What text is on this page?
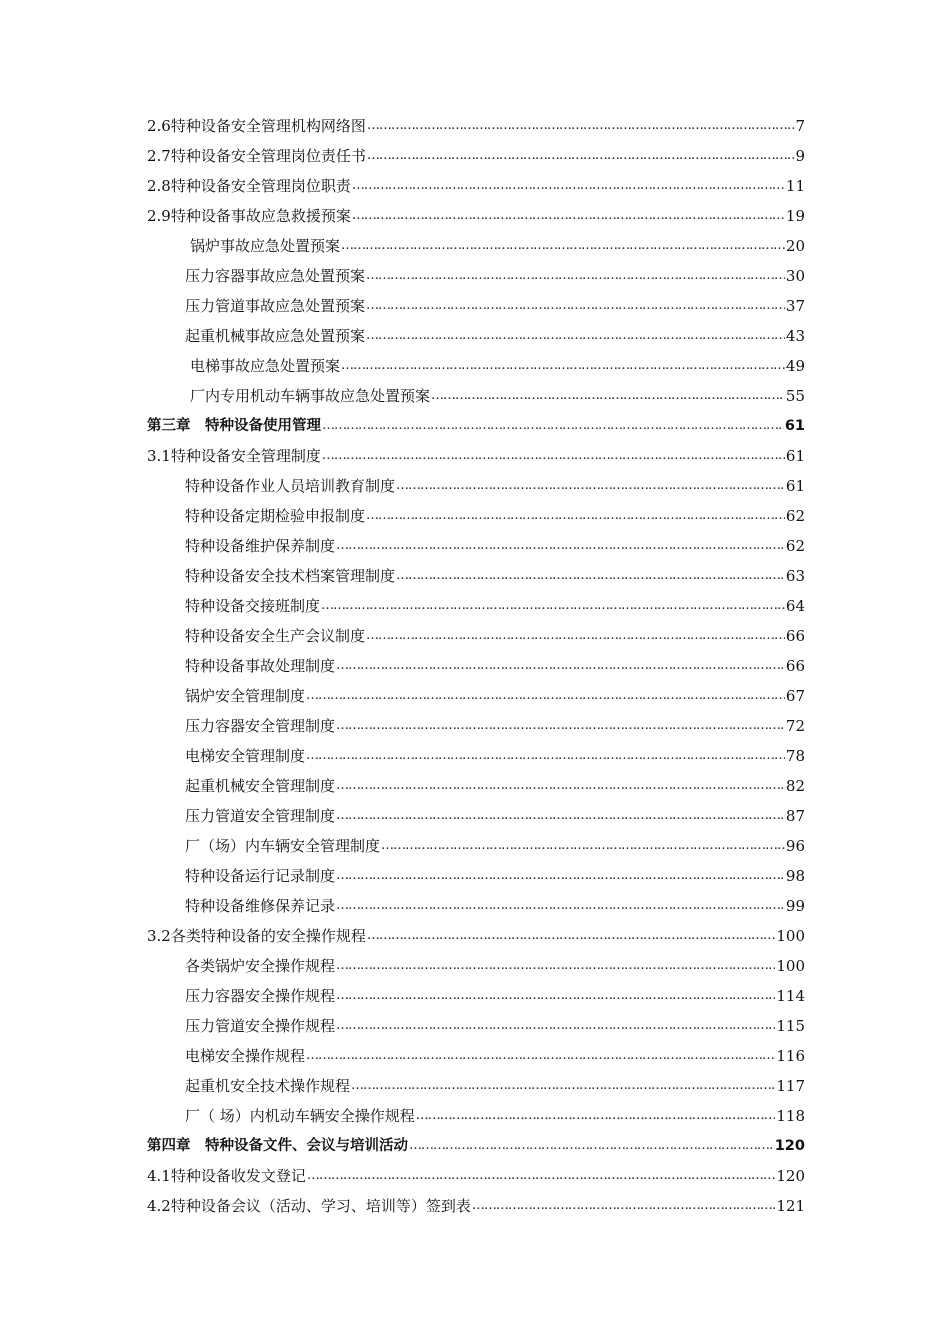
2.6特种设备安全管理机构网络图 …………………………………………………………………………………………………………………………………………………………………………………………………………………………………………	7
2.7特种设备安全管理岗位责任书 …………………………………………………………………………………………………………………………………………………………………………………………………………………………………………	9
2.8特种设备安全管理岗位职责 …………………………………………………………………………………………………………………………………………………………………………………………………………………………………………	11
2.9特种设备事故应急救援预案 …………………………………………………………………………………………………………………………………………………………………………………………………………………………………………	19
锅炉事故应急处置预案 …………………………………………………………………………………………………………………………………………………………………………………………………………………………………………	20
压力容器事故应急处置预案 …………………………………………………………………………………………………………………………………………………………………………………………………………………………………………	30
压力管道事故应急处置预案 …………………………………………………………………………………………………………………………………………………………………………………………………………………………………………	37
起重机械事故应急处置预案 …………………………………………………………………………………………………………………………………………………………………………………………………………………………………………	43
电梯事故应急处置预案 …………………………………………………………………………………………………………………………………………………………………………………………………………………………………………	49
厂内专用机动车辆事故应急处置预案 …………………………………………………………………………………………………………………………………………………………………………………………………………………………………………	55
第三章　特种设备使用管理 …………………………………………………………………………………………………………………………………………………………………………………………………………………………………………	61
3.1特种设备安全管理制度 …………………………………………………………………………………………………………………………………………………………………………………………………………………………………………	61
特种设备作业人员培训教育制度 …………………………………………………………………………………………………………………………………………………………………………………………………………………………………………	61
特种设备定期检验申报制度 …………………………………………………………………………………………………………………………………………………………………………………………………………………………………………	62
特种设备维护保养制度 …………………………………………………………………………………………………………………………………………………………………………………………………………………………………………	62
特种设备安全技术档案管理制度 …………………………………………………………………………………………………………………………………………………………………………………………………………………………………………	63
特种设备交接班制度 …………………………………………………………………………………………………………………………………………………………………………………………………………………………………………	64
特种设备安全生产会议制度 …………………………………………………………………………………………………………………………………………………………………………………………………………………………………………	66
特种设备事故处理制度 …………………………………………………………………………………………………………………………………………………………………………………………………………………………………………	66
锅炉安全管理制度 …………………………………………………………………………………………………………………………………………………………………………………………………………………………………………	67
压力容器安全管理制度 …………………………………………………………………………………………………………………………………………………………………………………………………………………………………………	72
电梯安全管理制度 …………………………………………………………………………………………………………………………………………………………………………………………………………………………………………	78
起重机械安全管理制度 …………………………………………………………………………………………………………………………………………………………………………………………………………………………………………	82
压力管道安全管理制度 …………………………………………………………………………………………………………………………………………………………………………………………………………………………………………	87
厂（场）内车辆安全管理制度 …………………………………………………………………………………………………………………………………………………………………………………………………………………………………………	96
特种设备运行记录制度 …………………………………………………………………………………………………………………………………………………………………………………………………………………………………………	98
特种设备维修保养记录 …………………………………………………………………………………………………………………………………………………………………………………………………………………………………………	99
3.2各类特种设备的安全操作规程 …………………………………………………………………………………………………………………………………………………………………………………………………………………………………………	100
各类锅炉安全操作规程 …………………………………………………………………………………………………………………………………………………………………………………………………………………………………………	100
压力容器安全操作规程 …………………………………………………………………………………………………………………………………………………………………………………………………………………………………………	114
压力管道安全操作规程 …………………………………………………………………………………………………………………………………………………………………………………………………………………………………………	115
电梯安全操作规程 …………………………………………………………………………………………………………………………………………………………………………………………………………………………………………	116
起重机安全技术操作规程 …………………………………………………………………………………………………………………………………………………………………………………………………………………………………………	117
厂（ 场）内机动车辆安全操作规程 …………………………………………………………………………………………………………………………………………………………………………………………………………………………………………	118
第四章　特种设备文件、会议与培训活动 …………………………………………………………………………………………………………………………………………………………………………………………………………………………………………	120
4.1特种设备收发文登记 …………………………………………………………………………………………………………………………………………………………………………………………………………………………………………	120
4.2特种设备会议（活动、学习、培训等）签到表 …………………………………………………………………………………………………………………………………………………………………………………………………………………………………………	121
